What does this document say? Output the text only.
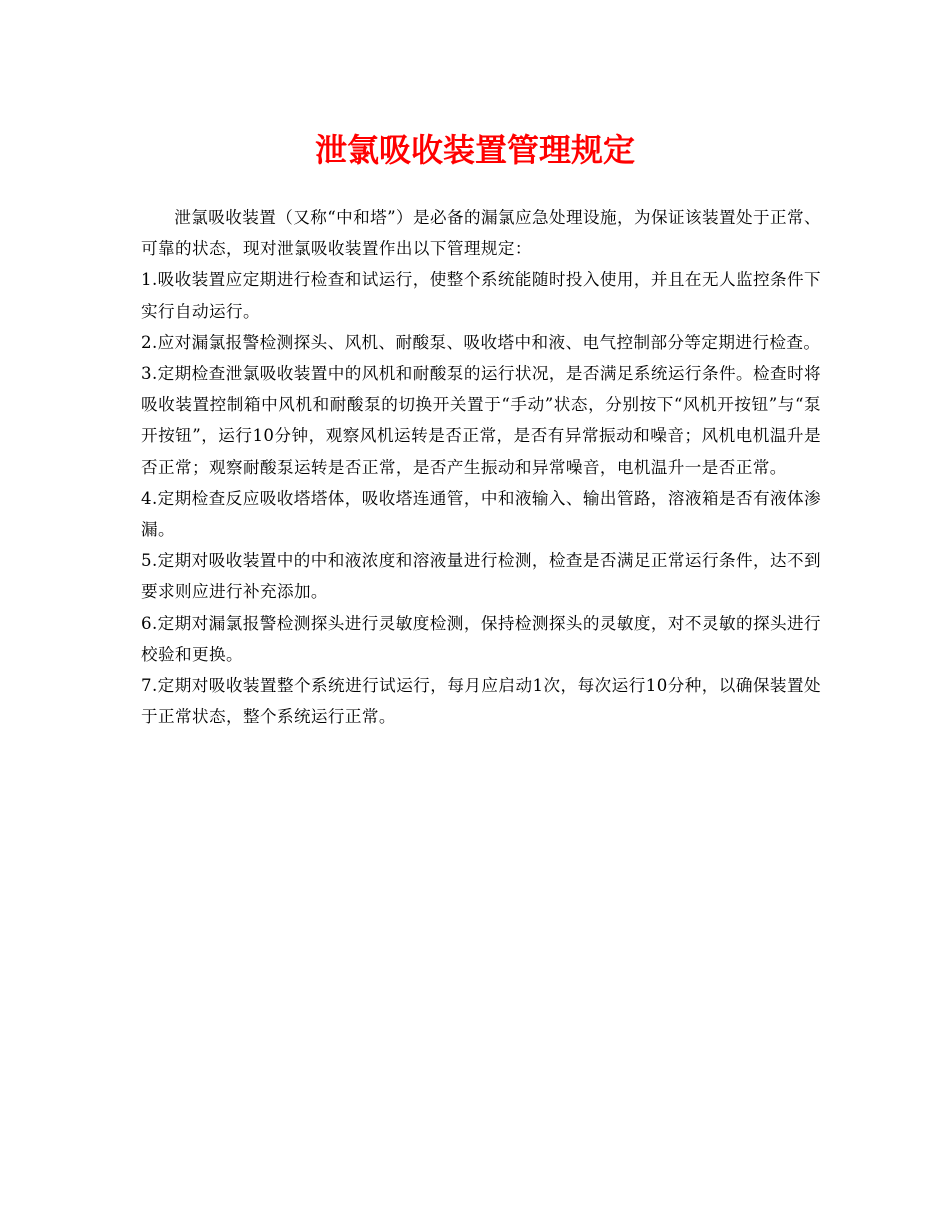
泄氯吸收装置管理规定

泄氯吸收装置（又称“中和塔”）是必备的漏氯应急处理设施，为保证该装置处于正常、可靠的状态，现对泄氯吸收装置作出以下管理规定：

1.吸收装置应定期进行检查和试运行，使整个系统能随时投入使用，并且在无人监控条件下实行自动运行。

2.应对漏氯报警检测探头、风机、耐酸泵、吸收塔中和液、电气控制部分等定期进行检查。

3.定期检查泄氯吸收装置中的风机和耐酸泵的运行状况，是否满足系统运行条件。检查时将吸收装置控制箱中风机和耐酸泵的切换开关置于“手动”状态，分别按下“风机开按钮”与“泵开按钮”，运行10分钟，观察风机运转是否正常，是否有异常振动和噪音；风机电机温升是否正常；观察耐酸泵运转是否正常，是否产生振动和异常噪音，电机温升一是否正常。

4.定期检查反应吸收塔塔体，吸收塔连通管，中和液输入、输出管路，溶液箱是否有液体渗漏。

5.定期对吸收装置中的中和液浓度和溶液量进行检测，检查是否满足正常运行条件，达不到要求则应进行补充添加。

6.定期对漏氯报警检测探头进行灵敏度检测，保持检测探头的灵敏度，对不灵敏的探头进行校验和更换。

7.定期对吸收装置整个系统进行试运行，每月应启动1次，每次运行10分种，以确保装置处于正常状态，整个系统运行正常。
